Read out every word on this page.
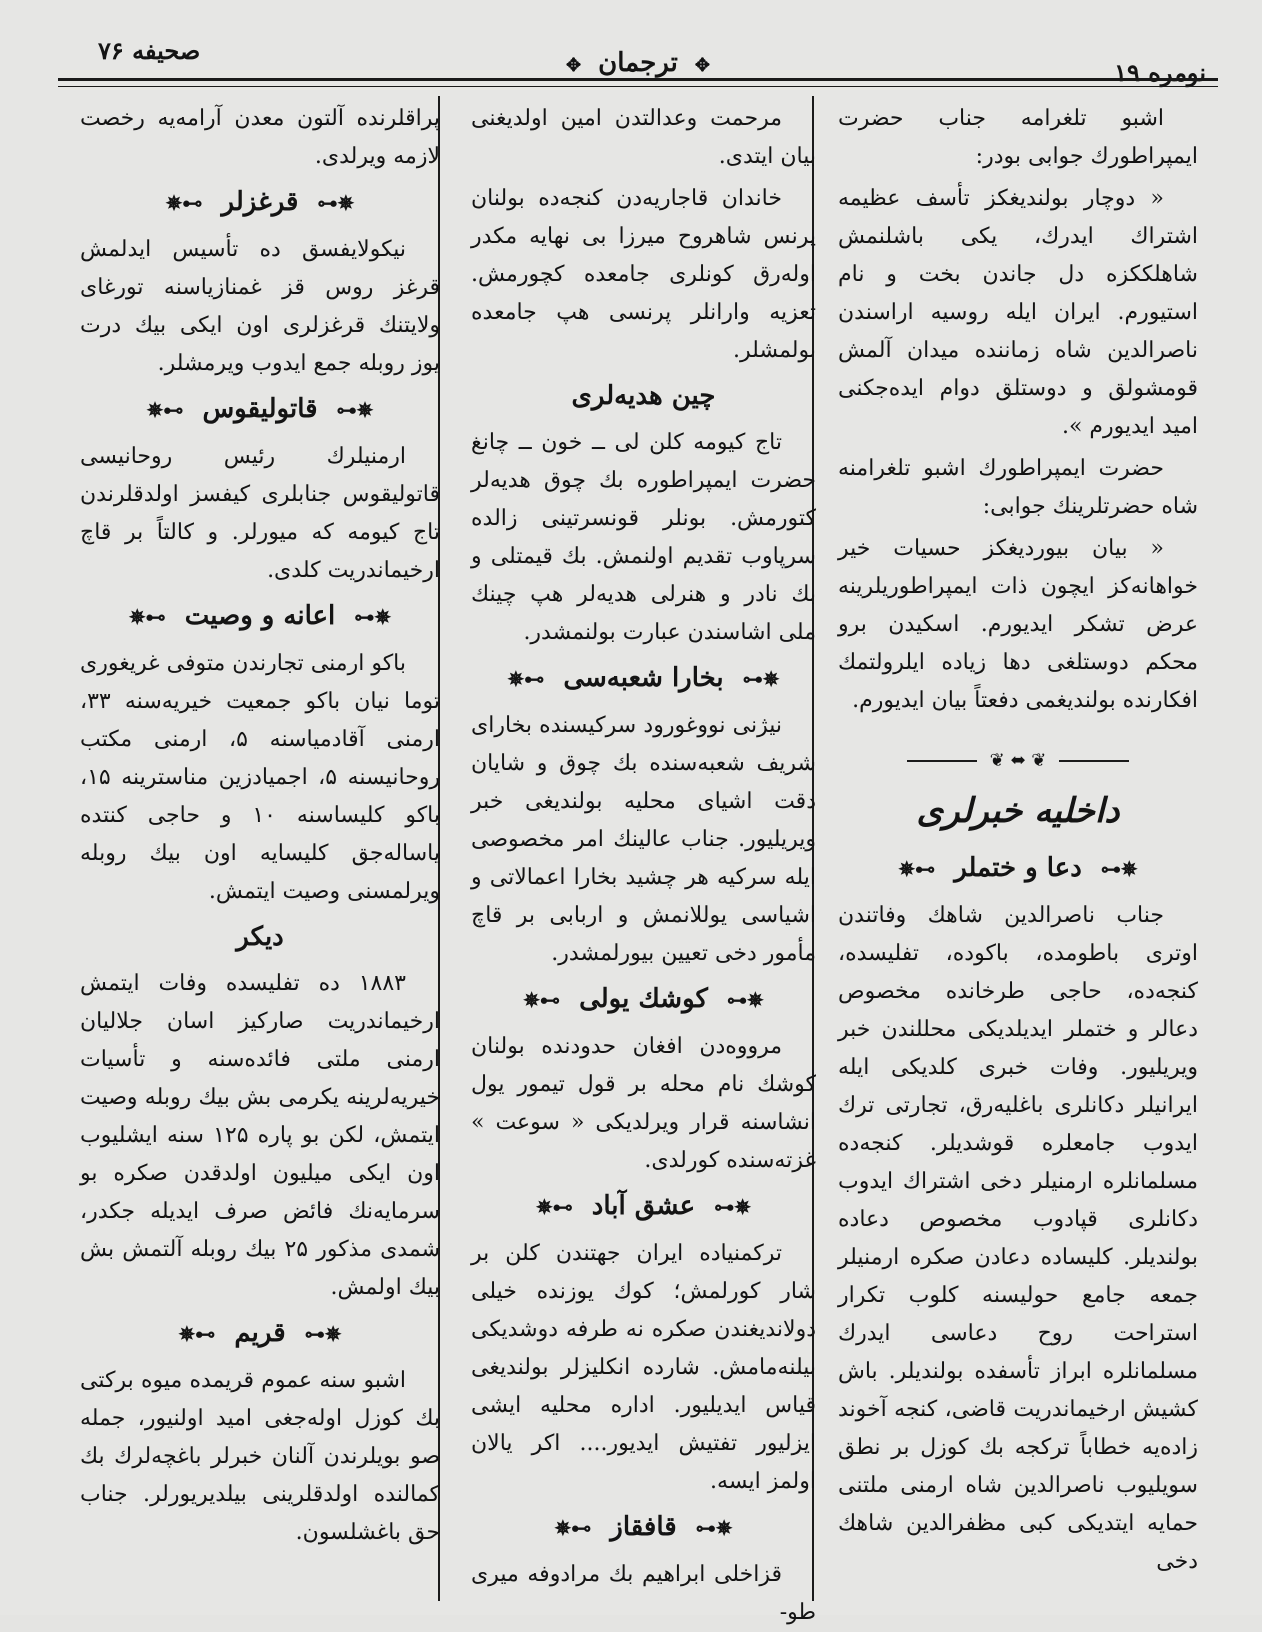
نومره ۱۹
✥ ترجمان ✥
صحیفه ۷۶

اشبو تلغرامه جناب حضرت ایمپراطورك جوابی بودر:

« دوچار بولندیغکز تأسف عظیمه اشتراك ایدرك، یکی باشلنمش شاهلککزه دل جاندن بخت و نام استیورم. ایران ایله روسیه اراسندن ناصرالدین شاه زماننده میدان آلمش قومشولق و دوستلق دوام ایده‌جکنی امید ایدیورم ».

حضرت ایمپراطورك اشبو تلغرامنه شاه حضرتلرینك جوابی:

« بیان بیوردیغکز حسیات خیر خواهانه‌کز ایچون ذات ایمپراطوریلرینه عرض تشکر ایدیورم. اسکیدن برو محکم دوستلغی دها زیاده ایلرولتمك افکارنده بولندیغمی دفعتاً بیان ایدیورم.

❦ ⬌ ❦
داخلیه خبرلری
✵⊷ دعا و ختملر ⊶✵

جناب ناصرالدین شاهك وفاتندن اوتری باطومده، باکوده، تفلیسده، کنجه‌ده، حاجی طرخانده مخصوص دعالر و ختملر ایدیلدیکی محللندن خبر ویریلیور. وفات خبری کلدیکی ایله ایرانیلر دکانلری باغلیه‌رق، تجارتی ترك ایدوب جامعلره قوشدیلر. کنجه‌ده مسلمانلره ارمنیلر دخی اشتراك ایدوب دکانلری قپادوب مخصوص دعاده بولندیلر. کلیساده دعادن صکره ارمنیلر جمعه جامع حولیسنه کلوب تکرار استراحت روح دعاسی ایدرك مسلمانلره ابراز تأسفده بولندیلر. باش کشیش ارخیماندریت قاضی، کنجه آخوند زاده‌یه خطاباً ترکجه بك کوزل بر نطق سویلیوب ناصرالدین شاه ارمنی ملتنی حمایه ایتدیکی کبی مظفرالدین شاهك دخی

مرحمت وعدالتدن امین اولدیغنی بیان ایتدی.

خاندان قاجاریه‌دن کنجه‌ده بولنان پرنس شاهروح میرزا بی نهایه مکدر اوله‌رق کونلری جامعده کچورمش. تعزیه وارانلر پرنسی هپ جامعده بولمشلر.

چین هدیه‌لری

تاج کیومه کلن لی ــ خون ــ چانغ حضرت ایمپراطوره بك چوق هدیه‌لر کتورمش. بونلر قونسرتینی زالده سرپاوب تقدیم اولنمش. بك قیمتلی و بك نادر و هنرلی هدیه‌لر هپ چینك ملی اشاسندن عبارت بولنمشدر.

✵⊷ بخارا شعبه‌سی ⊶✵

نیژنی نووغورود سرکیسنده بخارای شریف شعبه‌سنده بك چوق و شایان دقت اشیای محلیه بولندیغی خبر ویریلیور. جناب عالینك امر مخصوصی ایله سرکیه هر چشید بخارا اعمالاتی و اشیاسی یوللانمش و اربابی بر قاچ مأمور دخی تعیین بیورلمشدر.

✵⊷ کوشك یولی ⊶✵

مرووه‌دن افغان حدودنده بولنان کوشك نام محله بر قول تیمور یول انشاسنه قرار ویرلدیکی « سوعت » غزته‌سنده کورلدی.

✵⊷ عشق آباد ⊶✵

ترکمنیاده ایران جهتندن کلن بر شار کورلمش؛ کوك یوزنده خیلی دولاندیغندن صکره نه طرفه دوشدیکی بیلنه‌مامش. شارده انکلیزلر بولندیغی قیاس ایدیلیور. اداره محلیه ایشی ایزلیور تفتیش ایدیور.... اکر یالان اولمز ایسه.

✵⊷ قافقاز ⊶✵

قزاخلی ابراهیم بك مرادوفه میری طو-

پراقلرنده آلتون معدن آرامه‌یه رخصت لازمه ویرلدی.

✵⊷ قرغزلر ⊶✵

نیکولایفسق ده تأسیس ایدلمش قرغز روس قز غمنازیاسنه تورغای ولایتنك قرغزلری اون ایکی بیك درت یوز روبله جمع ایدوب ویرمشلر.

✵⊷ قاتولیقوس ⊶✵

ارمنیلرك رئیس روحانیسی قاتولیقوس جنابلری کیفسز اولدقلرندن تاج کیومه که میورلر. و کالتاً بر قاچ ارخیماندریت کلدی.

✵⊷ اعانه و وصیت ⊶✵

باکو ارمنی تجارندن متوفی غریغوری توما نیان باکو جمعیت خیریه‌سنه ۳۳، ارمنی آقادمیاسنه ۵، ارمنی مکتب روحانیسنه ۵، اجمیادزین مناسترینه ۱۵، باکو کلیساسنه ۱۰ و حاجی کنتده یاساله‌جق کلیسایه اون بیك روبله ویرلمسنی وصیت ایتمش.

دیکر

۱۸۸۳ ده تفلیسده وفات ایتمش ارخیماندریت صارکیز اسان جلالیان ارمنی ملتی فائده‌سنه و تأسیات خیریه‌لرینه یکرمی بش بیك روبله وصیت ایتمش، لکن بو پاره ۱۲۵ سنه ایشلیوب اون ایکی میلیون اولدقدن صکره بو سرمایه‌نك فائض صرف ایدیله جکدر، شمدی مذکور ۲۵ بیك روبله آلتمش بش بیك اولمش.

✵⊷ قریم ⊶✵

اشبو سنه عموم قریمده میوه برکتی بك کوزل اوله‌جغی امید اولنیور، جمله صو بویلرندن آلنان خبرلر باغچه‌لرك بك کمالنده اولدقلرینی بیلدیریورلر. جناب حق باغشلسون.
